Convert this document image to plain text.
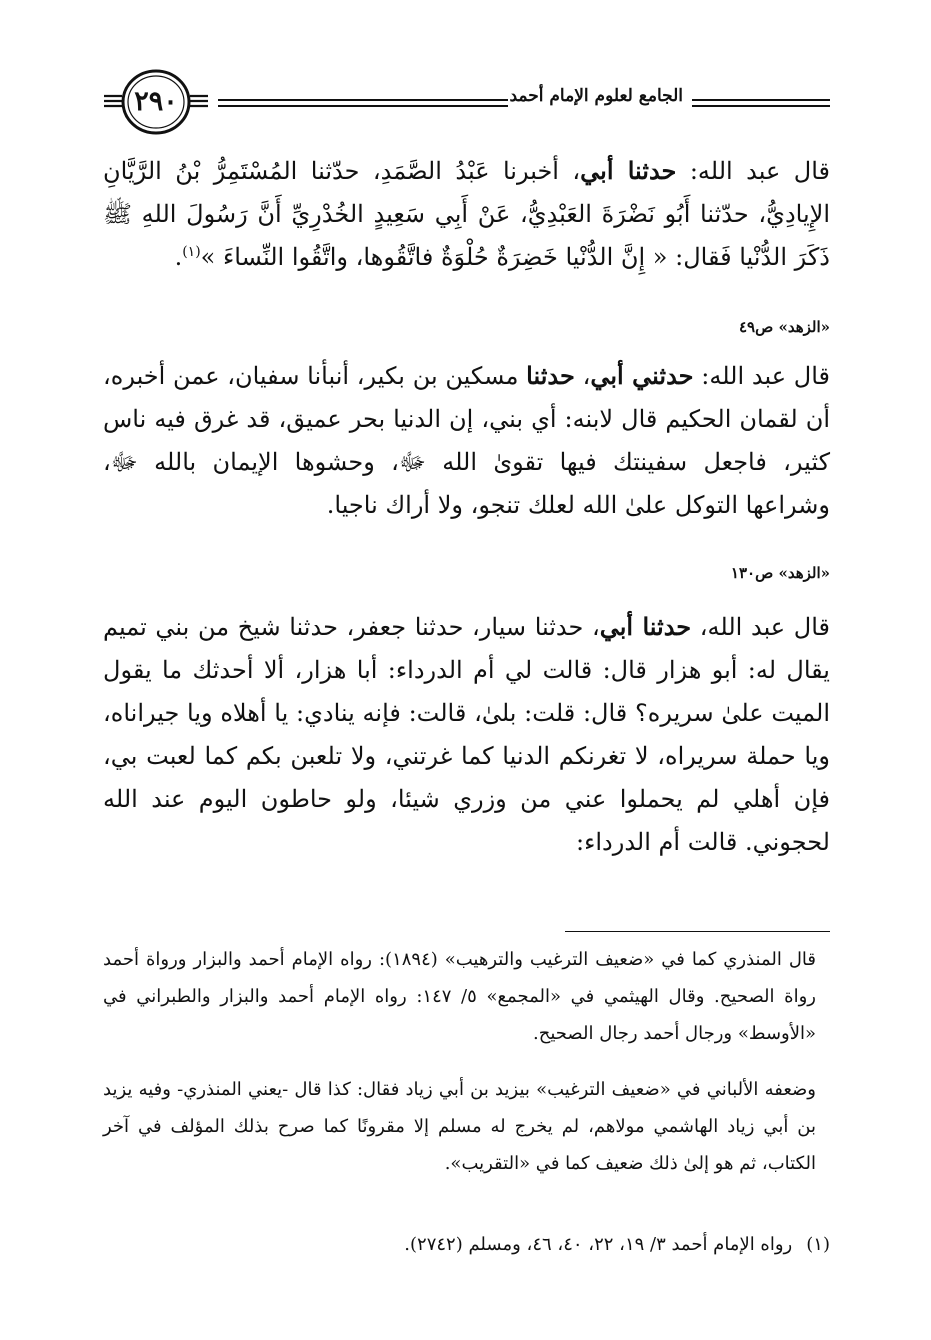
٢٩٠	الجامع لعلوم الإمام أحمد

قال عبد الله: حدثنا أبي، أخبرنا عَبْدُ الصَّمَدِ، حدّثنا المُسْتَمِرُّ بْنُ الرَّيَّانِ الإِيادِيُّ، حدّثنا أَبُو نَضْرَةَ العَبْدِيُّ، عَنْ أَبِي سَعِيدٍ الخُدْرِيِّ أَنَّ رَسُولَ اللهِ ﷺ ذَكَرَ الدُّنْيا فَقال: « إِنَّ الدُّنْيا خَضِرَةٌ حُلْوَةٌ فاتَّقُوها، واتَّقُوا النِّساءَ »$^{(١)}$.

«الزهد» ص٤٩

قال عبد الله: حدثني أبي، حدثنا مسكين بن بكير، أنبأنا سفيان، عمن أخبره، أن لقمان الحكيم قال لابنه: أي بني، إن الدنيا بحر عميق، قد غرق فيه ناس كثير، فاجعل سفينتك فيها تقوىٰ الله ﷻ، وحشوها الإيمان بالله ﷻ، وشراعها التوكل علىٰ الله لعلك تنجو، ولا أراك ناجيا.

«الزهد» ص١٣٠

قال عبد الله، حدثنا أبي، حدثنا سيار، حدثنا جعفر، حدثنا شيخ من بني تميم يقال له: أبو هزار قال: قالت لي أم الدرداء: أبا هزار، ألا أحدثك ما يقول الميت علىٰ سريره؟ قال: قلت: بلىٰ، قالت: فإنه ينادي: يا أهلاه ويا جيراناه، ويا حملة سريراه، لا تغرنكم الدنيا كما غرتني، ولا تلعبن بكم كما لعبت بي، فإن أهلي لم يحملوا عني من وزري شيئا، ولو حاطون اليوم عند الله لحجوني. قالت أم الدرداء:

قال المنذري كما في «ضعيف الترغيب والترهيب» (١٨٩٤): رواه الإمام أحمد والبزار ورواة أحمد رواة الصحيح. وقال الهيثمي في «المجمع» ٥/ ١٤٧: رواه الإمام أحمد والبزار والطبراني في «الأوسط» ورجال أحمد رجال الصحيح.

وضعفه الألباني في «ضعيف الترغيب» بيزيد بن أبي زياد فقال: كذا قال -يعني المنذري- وفيه يزيد بن أبي زياد الهاشمي مولاهم، لم يخرج له مسلم إلا مقرونًا كما صرح بذلك المؤلف في آخر الكتاب، ثم هو إلىٰ ذلك ضعيف كما في «التقريب».

(١)رواه الإمام أحمد ٣/ ١٩، ٢٢، ٤٠، ٤٦، ومسلم (٢٧٤٢).
